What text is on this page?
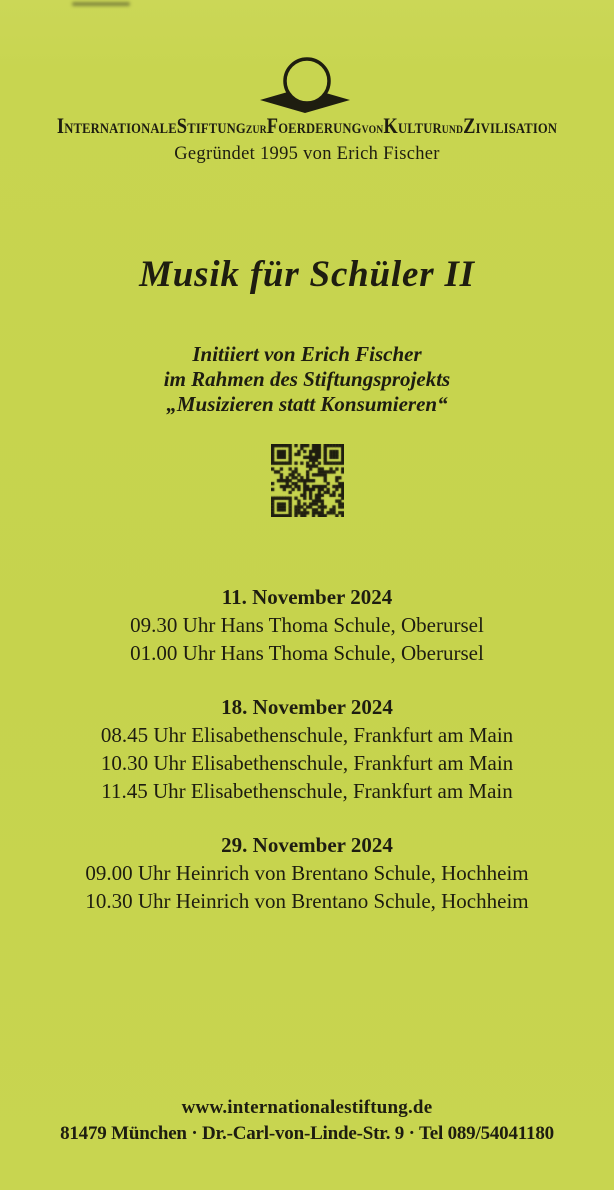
INTERNATIONALESTIFTUNGZURFOERDERUNGVONKULTURUNDZIVILISATION
Gegründet 1995 von Erich Fischer
Musik für Schüler II
Initiiert von Erich Fischer
im Rahmen des Stiftungsprojekts
„Musizieren statt Konsumieren“
11. November 2024
09.30 Uhr Hans Thoma Schule, Oberursel
01.00 Uhr Hans Thoma Schule, Oberursel
18. November 2024
08.45 Uhr Elisabethenschule, Frankfurt am Main
10.30 Uhr Elisabethenschule, Frankfurt am Main
11.45 Uhr Elisabethenschule, Frankfurt am Main
29. November 2024
09.00 Uhr Heinrich von Brentano Schule, Hochheim
10.30 Uhr Heinrich von Brentano Schule, Hochheim
www.internationalestiftung.de
81479 München · Dr.-Carl-von-Linde-Str. 9 · Tel 089/54041180
